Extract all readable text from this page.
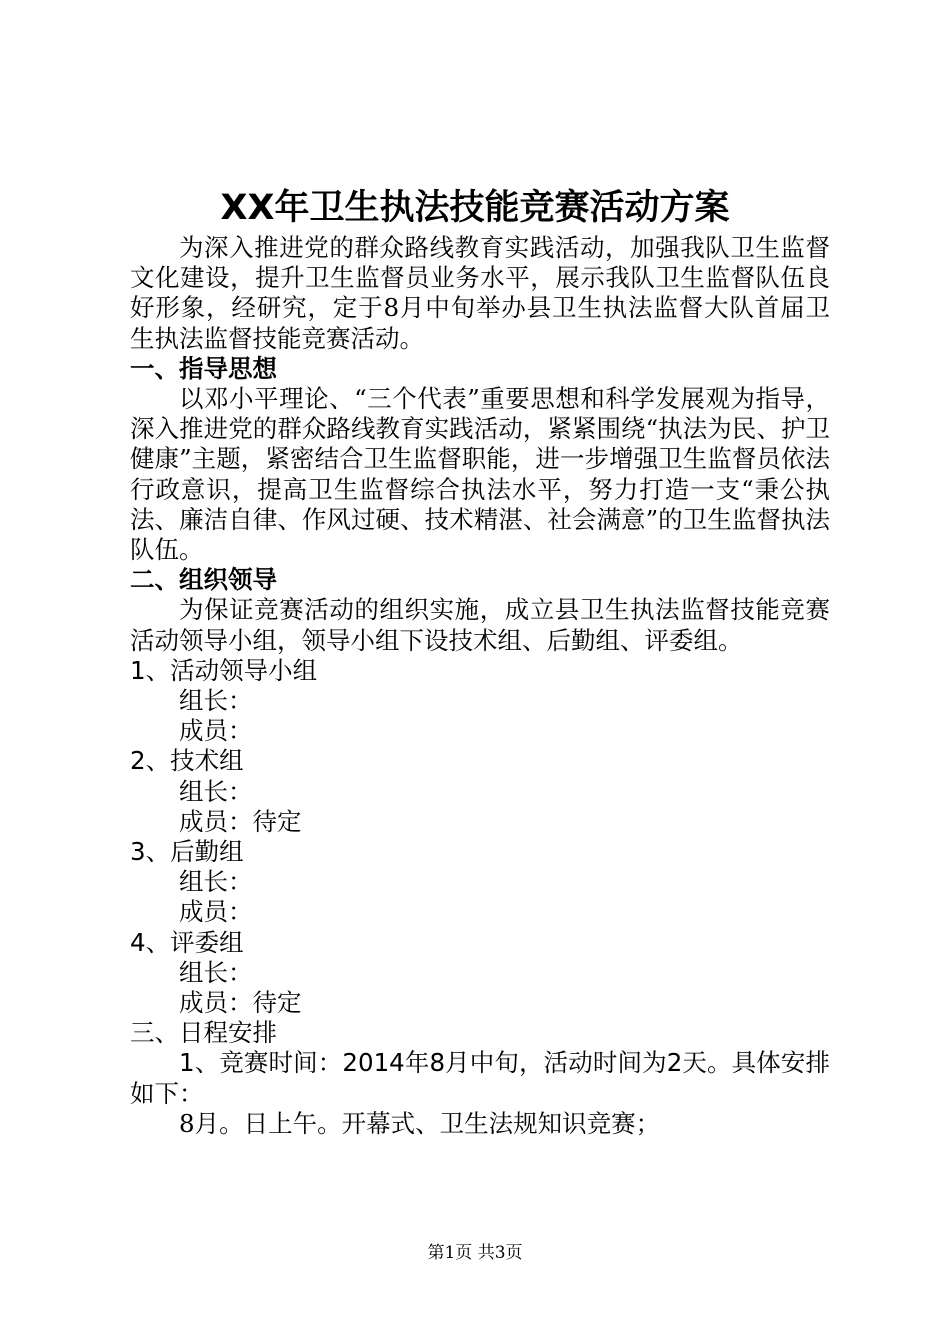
XX年卫生执法技能竞赛活动方案

为深入推进党的群众路线教育实践活动，加强我队卫生监督文化建设，提升卫生监督员业务水平，展示我队卫生监督队伍良好形象，经研究，定于8月中旬举办县卫生执法监督大队首届卫生执法监督技能竞赛活动。

一、指导思想

以邓小平理论、“三个代表”重要思想和科学发展观为指导，深入推进党的群众路线教育实践活动，紧紧围绕“执法为民、护卫健康”主题，紧密结合卫生监督职能，进一步增强卫生监督员依法行政意识，提高卫生监督综合执法水平，努力打造一支“秉公执法、廉洁自律、作风过硬、技术精湛、社会满意”的卫生监督执法队伍。

二、组织领导

为保证竞赛活动的组织实施，成立县卫生执法监督技能竞赛活动领导小组，领导小组下设技术组、后勤组、评委组。

1、活动领导小组

组长：

成员：

2、技术组

组长：

成员：待定

3、后勤组

组长：

成员：

4、评委组

组长：

成员：待定

三、日程安排

1、竞赛时间：2014年8月中旬，活动时间为2天。具体安排如下：

8月。日上午。开幕式、卫生法规知识竞赛；

第1页 共3页
